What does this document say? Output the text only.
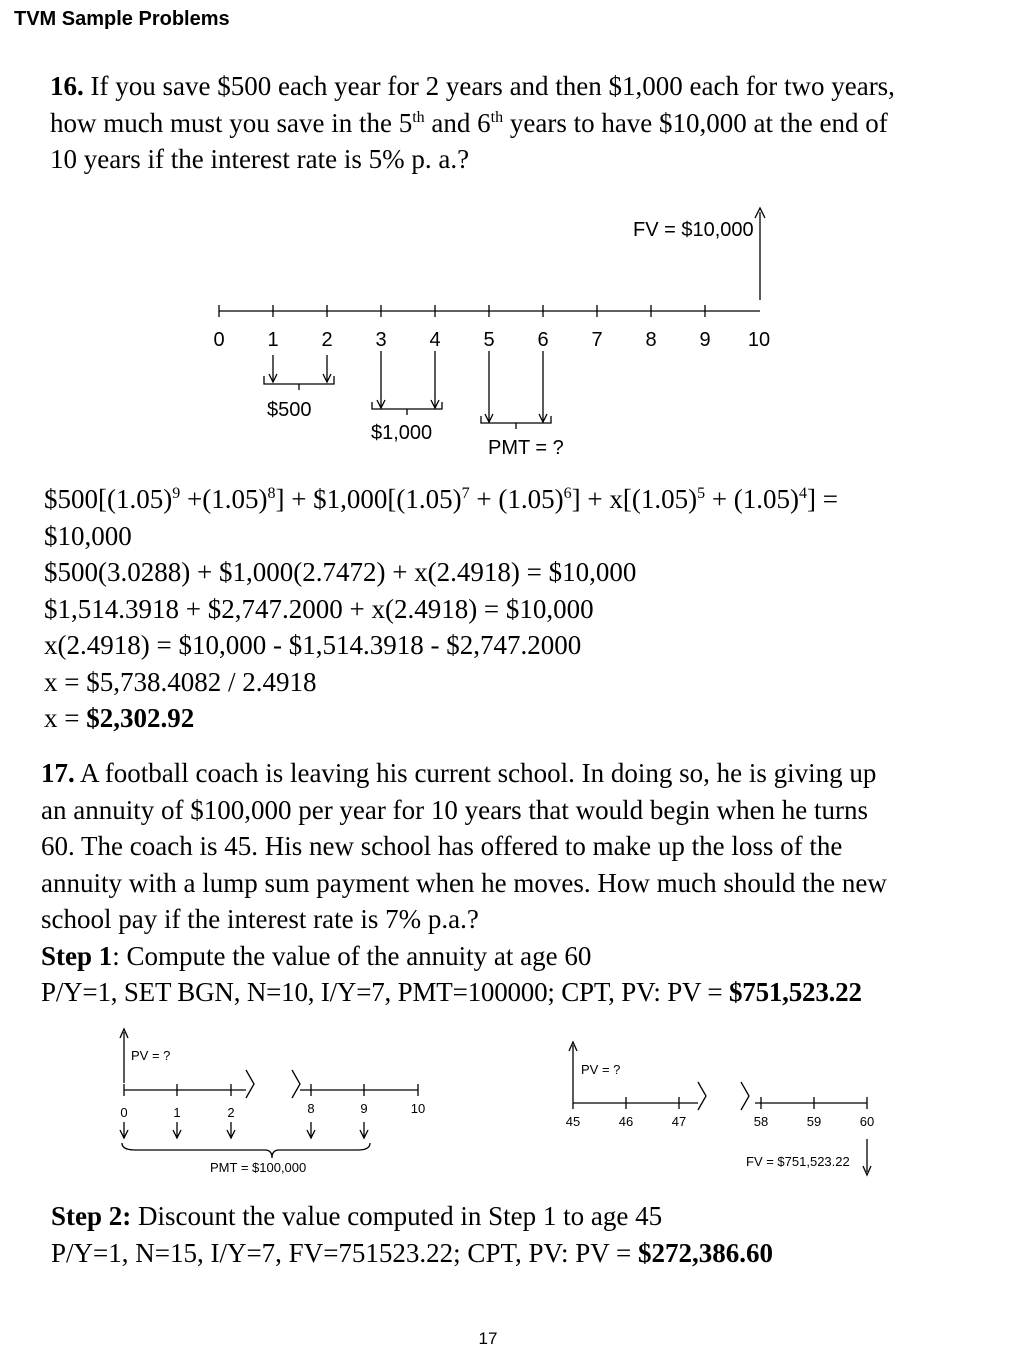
TVM Sample Problems
16. If you save $500 each year for 2 years and then $1,000 each for two years,
how much must you save in the 5th and 6th years to have $10,000 at the end of
10 years if the interest rate is 5% p. a.?
FV = $10,000
0 1 2 3 4 5 6 7 8 9 10
$500
$1,000
PMT = ?
$\$500[(1.05)^9 +(1.05)^8]$ + $\$1,000[(1.05)^7 + (1.05)^6] + x[(1.05)^5 + (1.05)^4]$ =
$10,000
$500(3.0288) + $1,000(2.7472) + x(2.4918) = $10,000
$1,514.3918 + $2,747.2000 + x(2.4918) = $10,000
x(2.4918) = $10,000 - $1,514.3918 - $2,747.2000
x = $5,738.4082 / 2.4918
x = $2,302.92
17. A football coach is leaving his current school. In doing so, he is giving up
an annuity of $100,000 per year for 10 years that would begin when he turns
60. The coach is 45. His new school has offered to make up the loss of the
annuity with a lump sum payment when he moves. How much should the new
school pay if the interest rate is 7% p.a.?
Step 1: Compute the value of the annuity at age 60
P/Y=1, SET BGN, N=10, I/Y=7, PMT=100000; CPT, PV: PV = $751,523.22
PV = ?
0	1	2	8	9	10
PMT = $100,000
PV = ?
45	46	47	58	59	60
FV = $751,523.22
Step 2: Discount the value computed in Step 1 to age 45
P/Y=1, N=15, I/Y=7, FV=751523.22; CPT, PV: PV = $272,386.60
17
